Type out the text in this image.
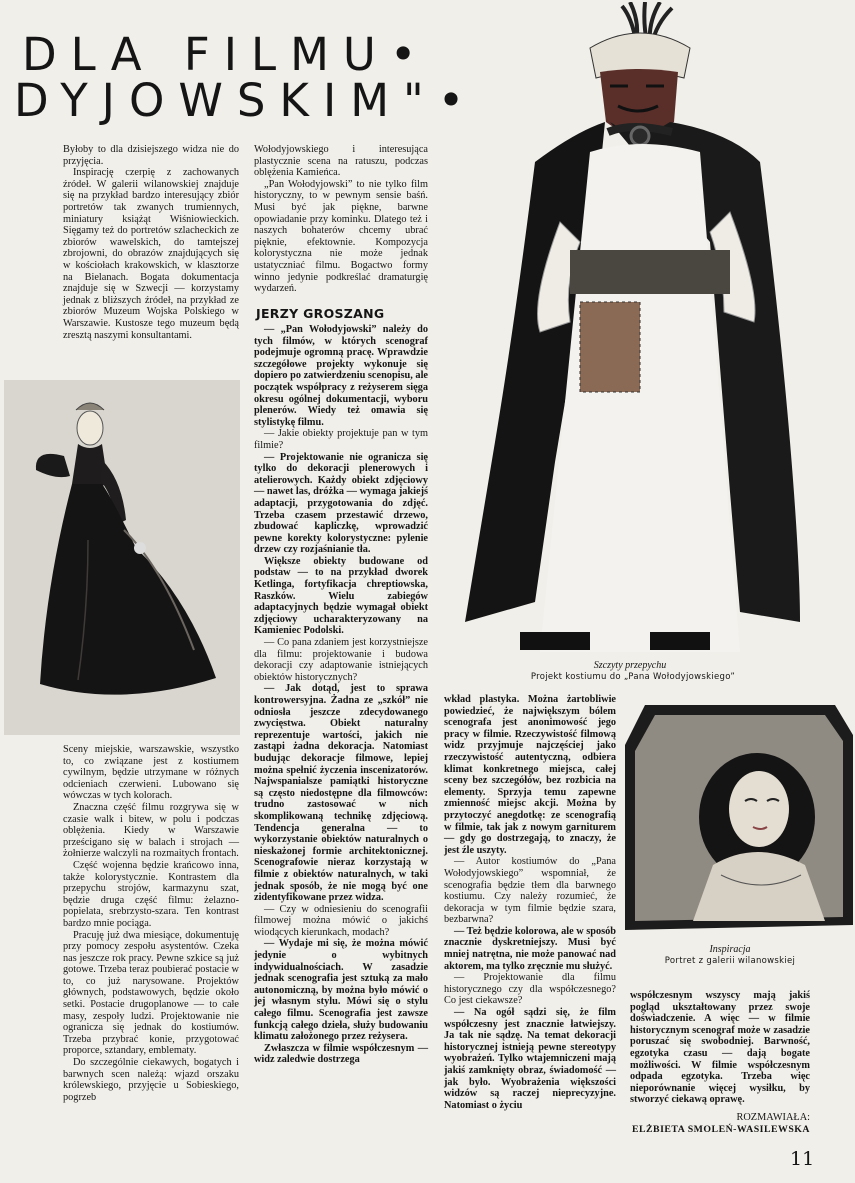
DLA FILMU•
DYJOWSKIM"•

Byłoby to dla dzisiejszego widza nie do przyjęcia.

Inspirację czerpię z zachowanych źródeł. W galerii wilanowskiej znajduje się na przykład bardzo interesujący zbiór portretów tak zwanych trumiennych, miniatury książąt Wiśniowieckich. Sięgamy też do portretów szlacheckich ze zbiorów wawelskich, do tamtejszej zbrojowni, do obrazów znajdujących się w kościołach krakowskich, w klasztorze na Bielanach. Bogata dokumentacja znajduje się w Szwecji — korzystamy jednak z bliższych źródeł, na przykład ze zbiorów Muzeum Wojska Polskiego w Warszawie. Kustosze tego muzeum będą zresztą naszymi konsultantami.

Sceny miejskie, warszawskie, wszystko to, co związane jest z kostiumem cywilnym, będzie utrzymane w różnych odcieniach czerwieni. Lubowano się wówczas w tych kolorach.

Znaczna część filmu rozgrywa się w czasie walk i bitew, w polu i podczas oblężenia. Kiedy w Warszawie prześcigano się w balach i strojach — żołnierze walczyli na rozmaitych frontach.

Część wojenna będzie krańcowo inna, także kolorystycznie. Kontrastem dla przepychu strojów, karmazynu szat, będzie druga część filmu: żelazno-popielata, srebrzysto-szara. Ten kontrast bardzo mnie pociąga.

Pracuję już dwa miesiące, dokumentuję przy pomocy zespołu asystentów. Czeka nas jeszcze rok pracy. Pewne szkice są już gotowe. Trzeba teraz poubierać postacie w to, co już narysowane. Projektów głównych, podstawowych, będzie około setki. Postacie drugoplanowe — to całe masy, zespoły ludzi. Projektowanie nie ogranicza się jednak do kostiumów. Trzeba przybrać konie, przygotować proporce, sztandary, emblematy.

Do szczególnie ciekawych, bogatych i barwnych scen należą: wjazd orszaku królewskiego, przyjęcie u Sobieskiego, pogrzeb

Wołodyjowskiego i interesująca plastycznie scena na ratuszu, podczas oblężenia Kamieńca.

„Pan Wołodyjowski” to nie tylko film historyczny, to w pewnym sensie baśń. Musi być jak piękne, barwne opowiadanie przy kominku. Dlatego też i naszych bohaterów chcemy ubrać pięknie, efektownie. Kompozycja kolorystyczna nie może jednak ustatyczniać filmu. Bogactwo formy winno jedynie podkreślać dramaturgię wydarzeń.

JERZY GROSZANG

— „Pan Wołodyjowski” należy do tych filmów, w których scenograf podejmuje ogromną pracę. Wprawdzie szczegółowe projekty wykonuje się dopiero po zatwierdzeniu scenopisu, ale początek współpracy z reżyserem sięga okresu ogólnej dokumentacji, wyboru plenerów. Wiedy też omawia się stylistykę filmu.

— Jakie obiekty projektuje pan w tym filmie?

— Projektowanie nie ogranicza się tylko do dekoracji plenerowych i atelierowych. Każdy obiekt zdjęciowy — nawet las, dróżka — wymaga jakiejś adaptacji, przygotowania do zdjęć. Trzeba czasem przestawić drzewo, zbudować kapliczkę, wprowadzić pewne korekty kolorystyczne: pylenie drzew czy rozjaśnianie tła.

Większe obiekty budowane od podstaw — to na przykład dworek Ketlinga, fortyfikacja chreptiowska, Raszków. Wielu zabiegów adaptacyjnych będzie wymagał obiekt zdjęciowy ucharakteryzowany na Kamieniec Podolski.

— Co pana zdaniem jest korzystniejsze dla filmu: projektowanie i budowa dekoracji czy adaptowanie istniejących obiektów historycznych?

— Jak dotąd, jest to sprawa kontrowersyjna. Żadna ze „szkół” nie odniosła jeszcze zdecydowanego zwycięstwa. Obiekt naturalny reprezentuje wartości, jakich nie zastąpi żadna dekoracja. Natomiast budując dekoracje filmowe, lepiej można spełnić życzenia inscenizatorów. Najwspanialsze pamiątki historyczne są często niedostępne dla filmowców: trudno zastosować w nich skomplikowaną technikę zdjęciową. Tendencja generalna — to wykorzystanie obiektów naturalnych o nieskażonej formie architektonicznej. Scenografowie nieraz korzystają w filmie z obiektów naturalnych, w taki jednak sposób, że nie mogą być one zidentyfikowane przez widza.

— Czy w odniesieniu do scenografii filmowej można mówić o jakichś wiodących kierunkach, modach?

— Wydaje mi się, że można mówić jedynie o wybitnych indywidualnościach. W zasadzie jednak scenografia jest sztuką za mało autonomiczną, by można było mówić o jej własnym stylu. Mówi się o stylu całego filmu. Scenografia jest zawsze funkcją całego dzieła, służy budowaniu klimatu założonego przez reżysera.

Zwłaszcza w filmie współczesnym — widz zaledwie dostrzega

Szczyty przepychu
Projekt kostiumu do „Pana Wołodyjowskiego”

wkład plastyka. Można żartobliwie powiedzieć, że największym bólem scenografa jest anonimowość jego pracy w filmie. Rzeczywistość filmową widz przyjmuje najczęściej jako rzeczywistość autentyczną, odbiera klimat konkretnego miejsca, całej sceny bez szczegółów, bez rozbicia na elementy. Sprzyja temu zapewne zmienność miejsc akcji. Można by przytoczyć anegdotkę: ze scenografią w filmie, tak jak z nowym garniturem — gdy go dostrzegają, to znaczy, że jest źle uszyty.

— Autor kostiumów do „Pana Wołodyjowskiego” wspomniał, że scenografia będzie tłem dla barwnego kostiumu. Czy należy rozumieć, że dekoracja w tym filmie będzie szara, bezbarwna?

— Też będzie kolorowa, ale w sposób znacznie dyskretniejszy. Musi być mniej natrętna, nie może panować nad aktorem, ma tylko zręcznie mu służyć.

— Projektowanie dla filmu historycznego czy dla współczesnego? Co jest ciekawsze?

— Na ogół sądzi się, że film współczesny jest znacznie łatwiejszy. Ja tak nie sądzę. Na temat dekoracji historycznej istnieją pewne stereotypy wyobrażeń. Tylko wtajemniczeni mają jakiś zamknięty obraz, świadomość — jak było. Wyobrażenia większości widzów są raczej nieprecyzyjne. Natomiast o życiu

Inspiracja
Portret z galerii wilanowskiej

współczesnym wszyscy mają jakiś pogląd ukształtowany przez swoje doświadczenie. A więc — w filmie historycznym scenograf może w zasadzie poruszać się swobodniej. Barwność, egzotyka czasu — dają bogate możliwości. W filmie współczesnym odpada egzotyka. Trzeba więc nieporównanie więcej wysiłku, by stworzyć ciekawą oprawę.

ROZMAWIAŁA:

ELŻBIETA SMOLEŃ-WASILEWSKA

11
